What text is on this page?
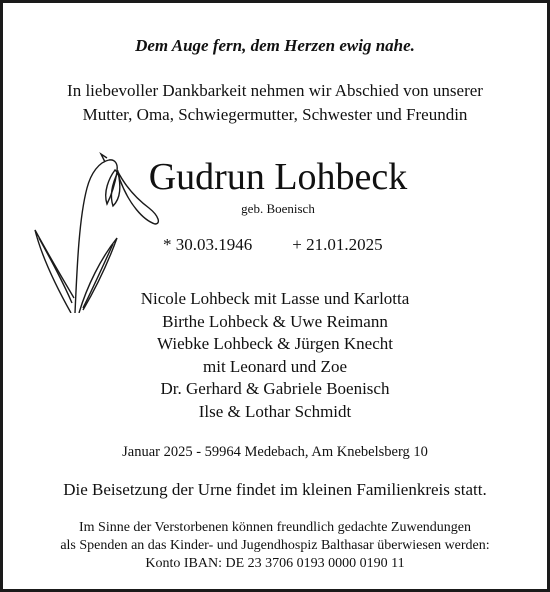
Dem Auge fern, dem Herzen ewig nahe.
In liebevoller Dankbarkeit nehmen wir Abschied von unserer
Mutter, Oma, Schwiegermutter, Schwester und Freundin
Gudrun Lohbeck
geb. Boenisch
* 30.03.1946 + 21.01.2025
Nicole Lohbeck mit Lasse und Karlotta
Birthe Lohbeck & Uwe Reimann
Wiebke Lohbeck & Jürgen Knecht
mit Leonard und Zoe
Dr. Gerhard & Gabriele Boenisch
Ilse & Lothar Schmidt
Januar 2025 - 59964 Medebach, Am Knebelsberg 10
Die Beisetzung der Urne findet im kleinen Familienkreis statt.
Im Sinne der Verstorbenen können freundlich gedachte Zuwendungen
als Spenden an das Kinder- und Jugendhospiz Balthasar überwiesen werden:
Konto IBAN: DE 23 3706 0193 0000 0190 11
